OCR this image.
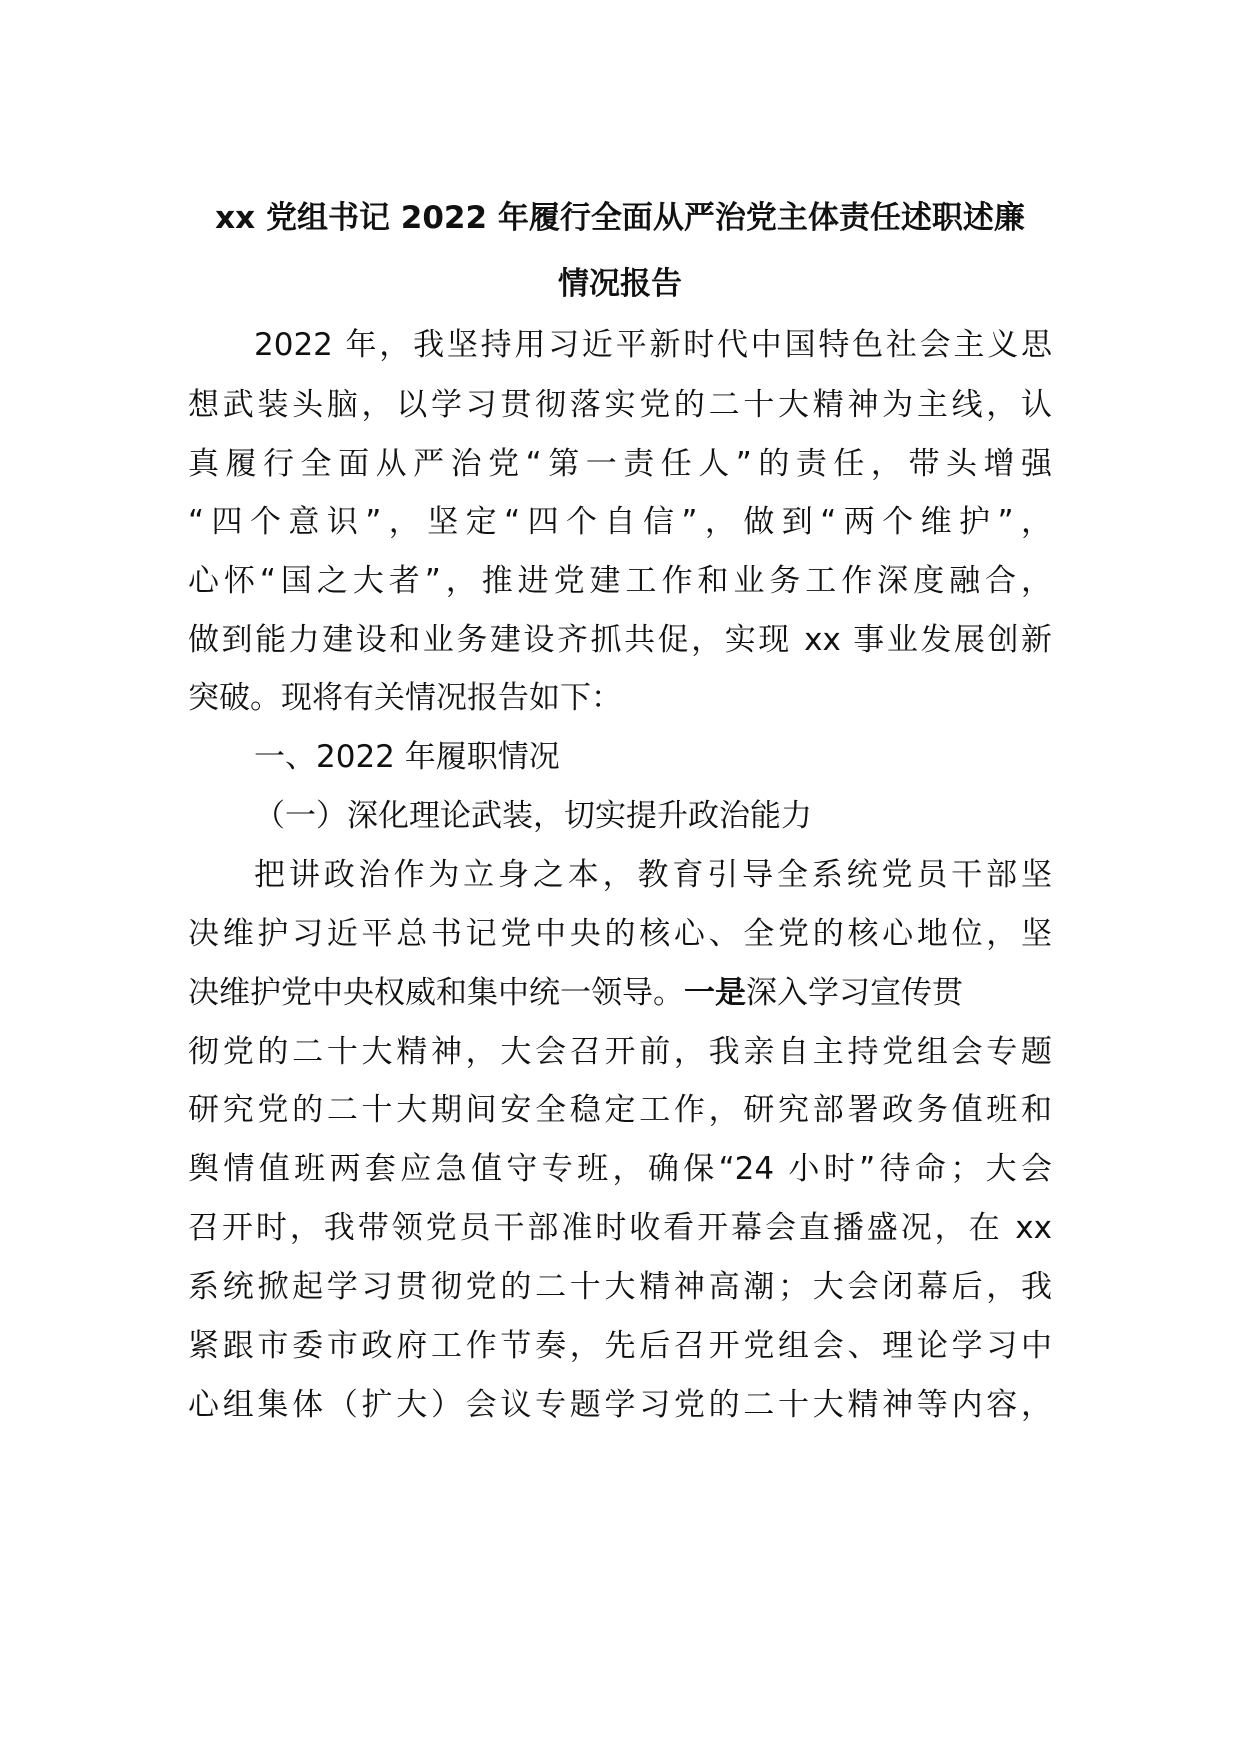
xx 党组书记 2022 年履行全面从严治党主体责任述职述廉
情况报告

2022 年，我坚持用习近平新时代中国特色社会主义思

想武装头脑，以学习贯彻落实党的二十大精神为主线，认

真履行全面从严治党“第一责任人”的责任，带头增强

“四个意识”，坚定“四个自信”，做到“两个维护”，

心怀“国之大者”，推进党建工作和业务工作深度融合，

做到能力建设和业务建设齐抓共促，实现 xx 事业发展创新

突破。现将有关情况报告如下：

一、2022 年履职情况

（一）深化理论武装，切实提升政治能力

把讲政治作为立身之本，教育引导全系统党员干部坚

决维护习近平总书记党中央的核心、全党的核心地位，坚

决维护党中央权威和集中统一领导。一是深入学习宣传贯

彻党的二十大精神，大会召开前，我亲自主持党组会专题

研究党的二十大期间安全稳定工作，研究部署政务值班和

舆情值班两套应急值守专班，确保“24 小时”待命；大会

召开时，我带领党员干部准时收看开幕会直播盛况，在 xx

系统掀起学习贯彻党的二十大精神高潮；大会闭幕后，我

紧跟市委市政府工作节奏，先后召开党组会、理论学习中

心组集体（扩大）会议专题学习党的二十大精神等内容，
